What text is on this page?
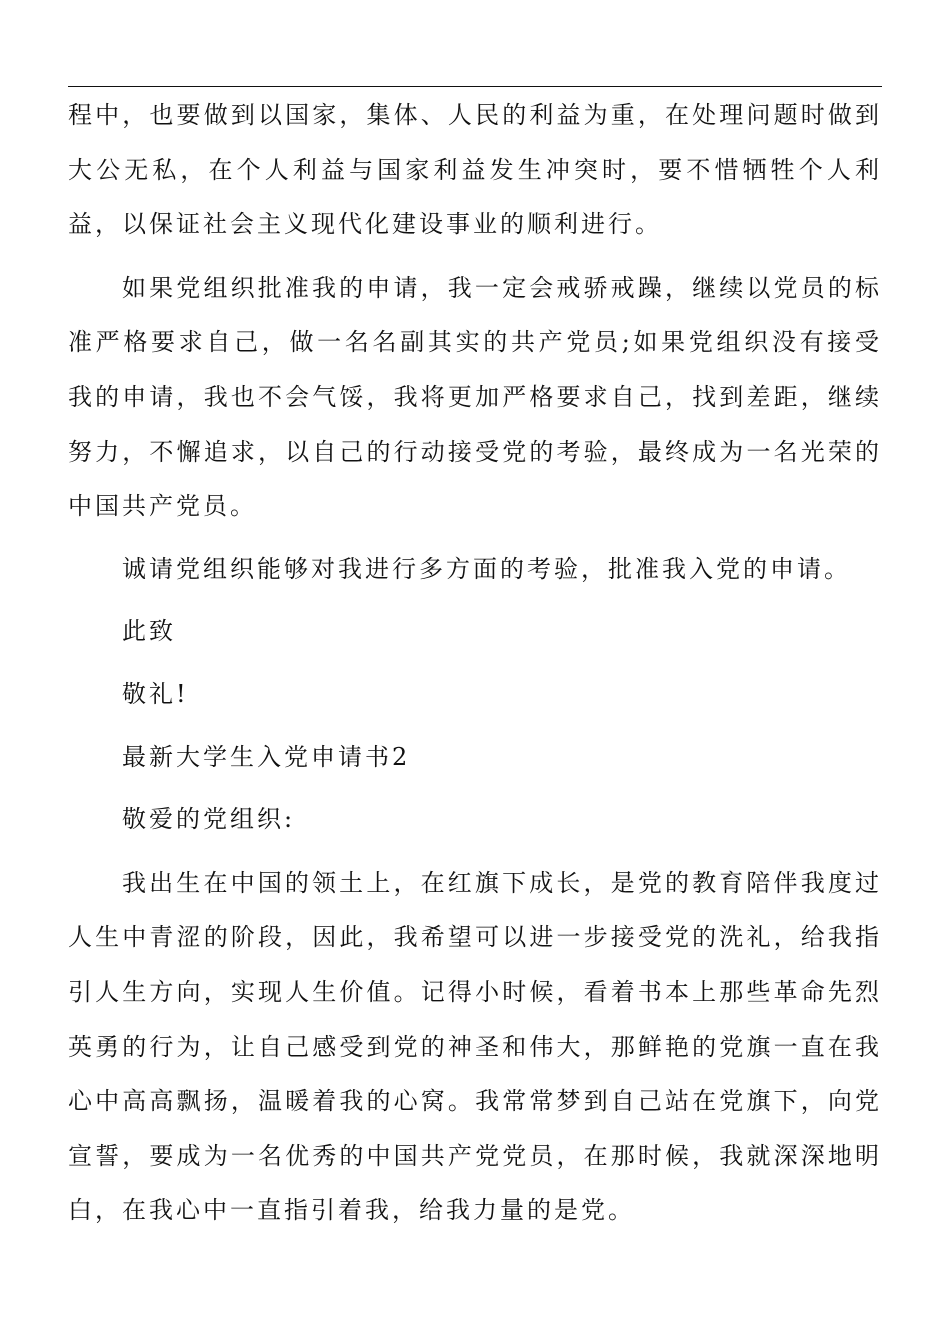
程中，也要做到以国家，集体、人民的利益为重，在处理问题时做到大公无私，在个人利益与国家利益发生冲突时，要不惜牺牲个人利益，以保证社会主义现代化建设事业的顺利进行。

如果党组织批准我的申请，我一定会戒骄戒躁，继续以党员的标准严格要求自己，做一名名副其实的共产党员;如果党组织没有接受我的申请，我也不会气馁，我将更加严格要求自己，找到差距，继续努力，不懈追求，以自己的行动接受党的考验，最终成为一名光荣的中国共产党员。

诚请党组织能够对我进行多方面的考验，批准我入党的申请。

此致

敬礼!

最新大学生入党申请书2

敬爱的党组织:

我出生在中国的领土上，在红旗下成长，是党的教育陪伴我度过人生中青涩的阶段，因此，我希望可以进一步接受党的洗礼，给我指引人生方向，实现人生价值。记得小时候，看着书本上那些革命先烈英勇的行为，让自己感受到党的神圣和伟大，那鲜艳的党旗一直在我心中高高飘扬，温暖着我的心窝。我常常梦到自己站在党旗下，向党宣誓，要成为一名优秀的中国共产党党员，在那时候，我就深深地明白，在我心中一直指引着我，给我力量的是党。
